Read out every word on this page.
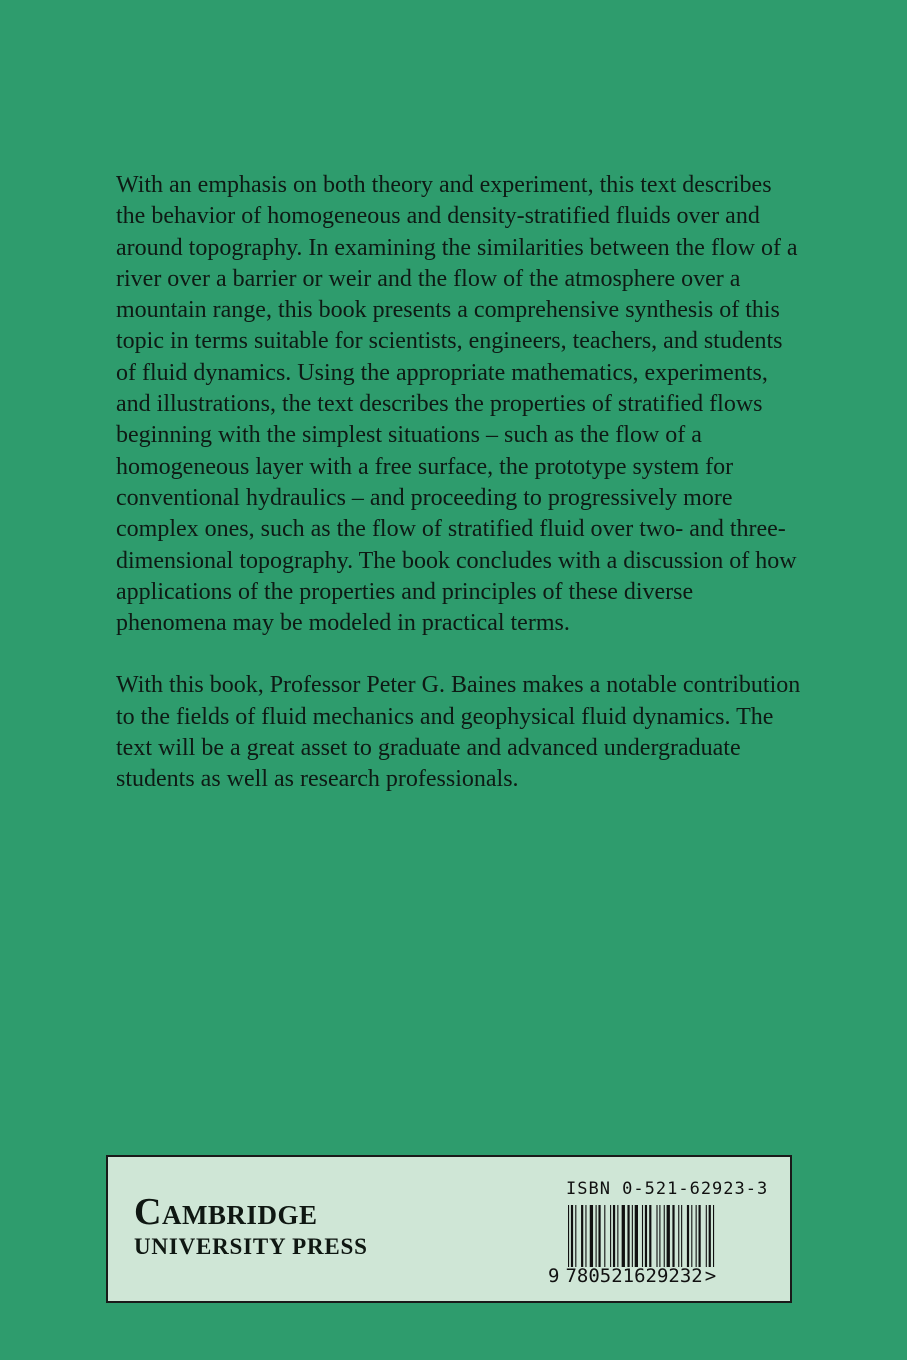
With an emphasis on both theory and experiment, this text describes the behavior of homogeneous and density-stratified fluids over and around topography. In examining the similarities between the flow of a river over a barrier or weir and the flow of the atmosphere over a mountain range, this book presents a comprehensive synthesis of this topic in terms suitable for scientists, engineers, teachers, and students of fluid dynamics. Using the appropriate mathematics, experiments, and illustrations, the text describes the properties of stratified flows beginning with the simplest situations – such as the flow of a homogeneous layer with a free surface, the prototype system for conventional hydraulics – and proceeding to progressively more complex ones, such as the flow of stratified fluid over two- and three-dimensional topography. The book concludes with a discussion of how applications of the properties and principles of these diverse phenomena may be modeled in practical terms.

With this book, Professor Peter G. Baines makes a notable contribution to the fields of fluid mechanics and geophysical fluid dynamics. The text will be a great asset to graduate and advanced undergraduate students as well as research professionals.

Cambridge
UNIVERSITY PRESS
ISBN 0-521-62923-3
9 780521629232 >
